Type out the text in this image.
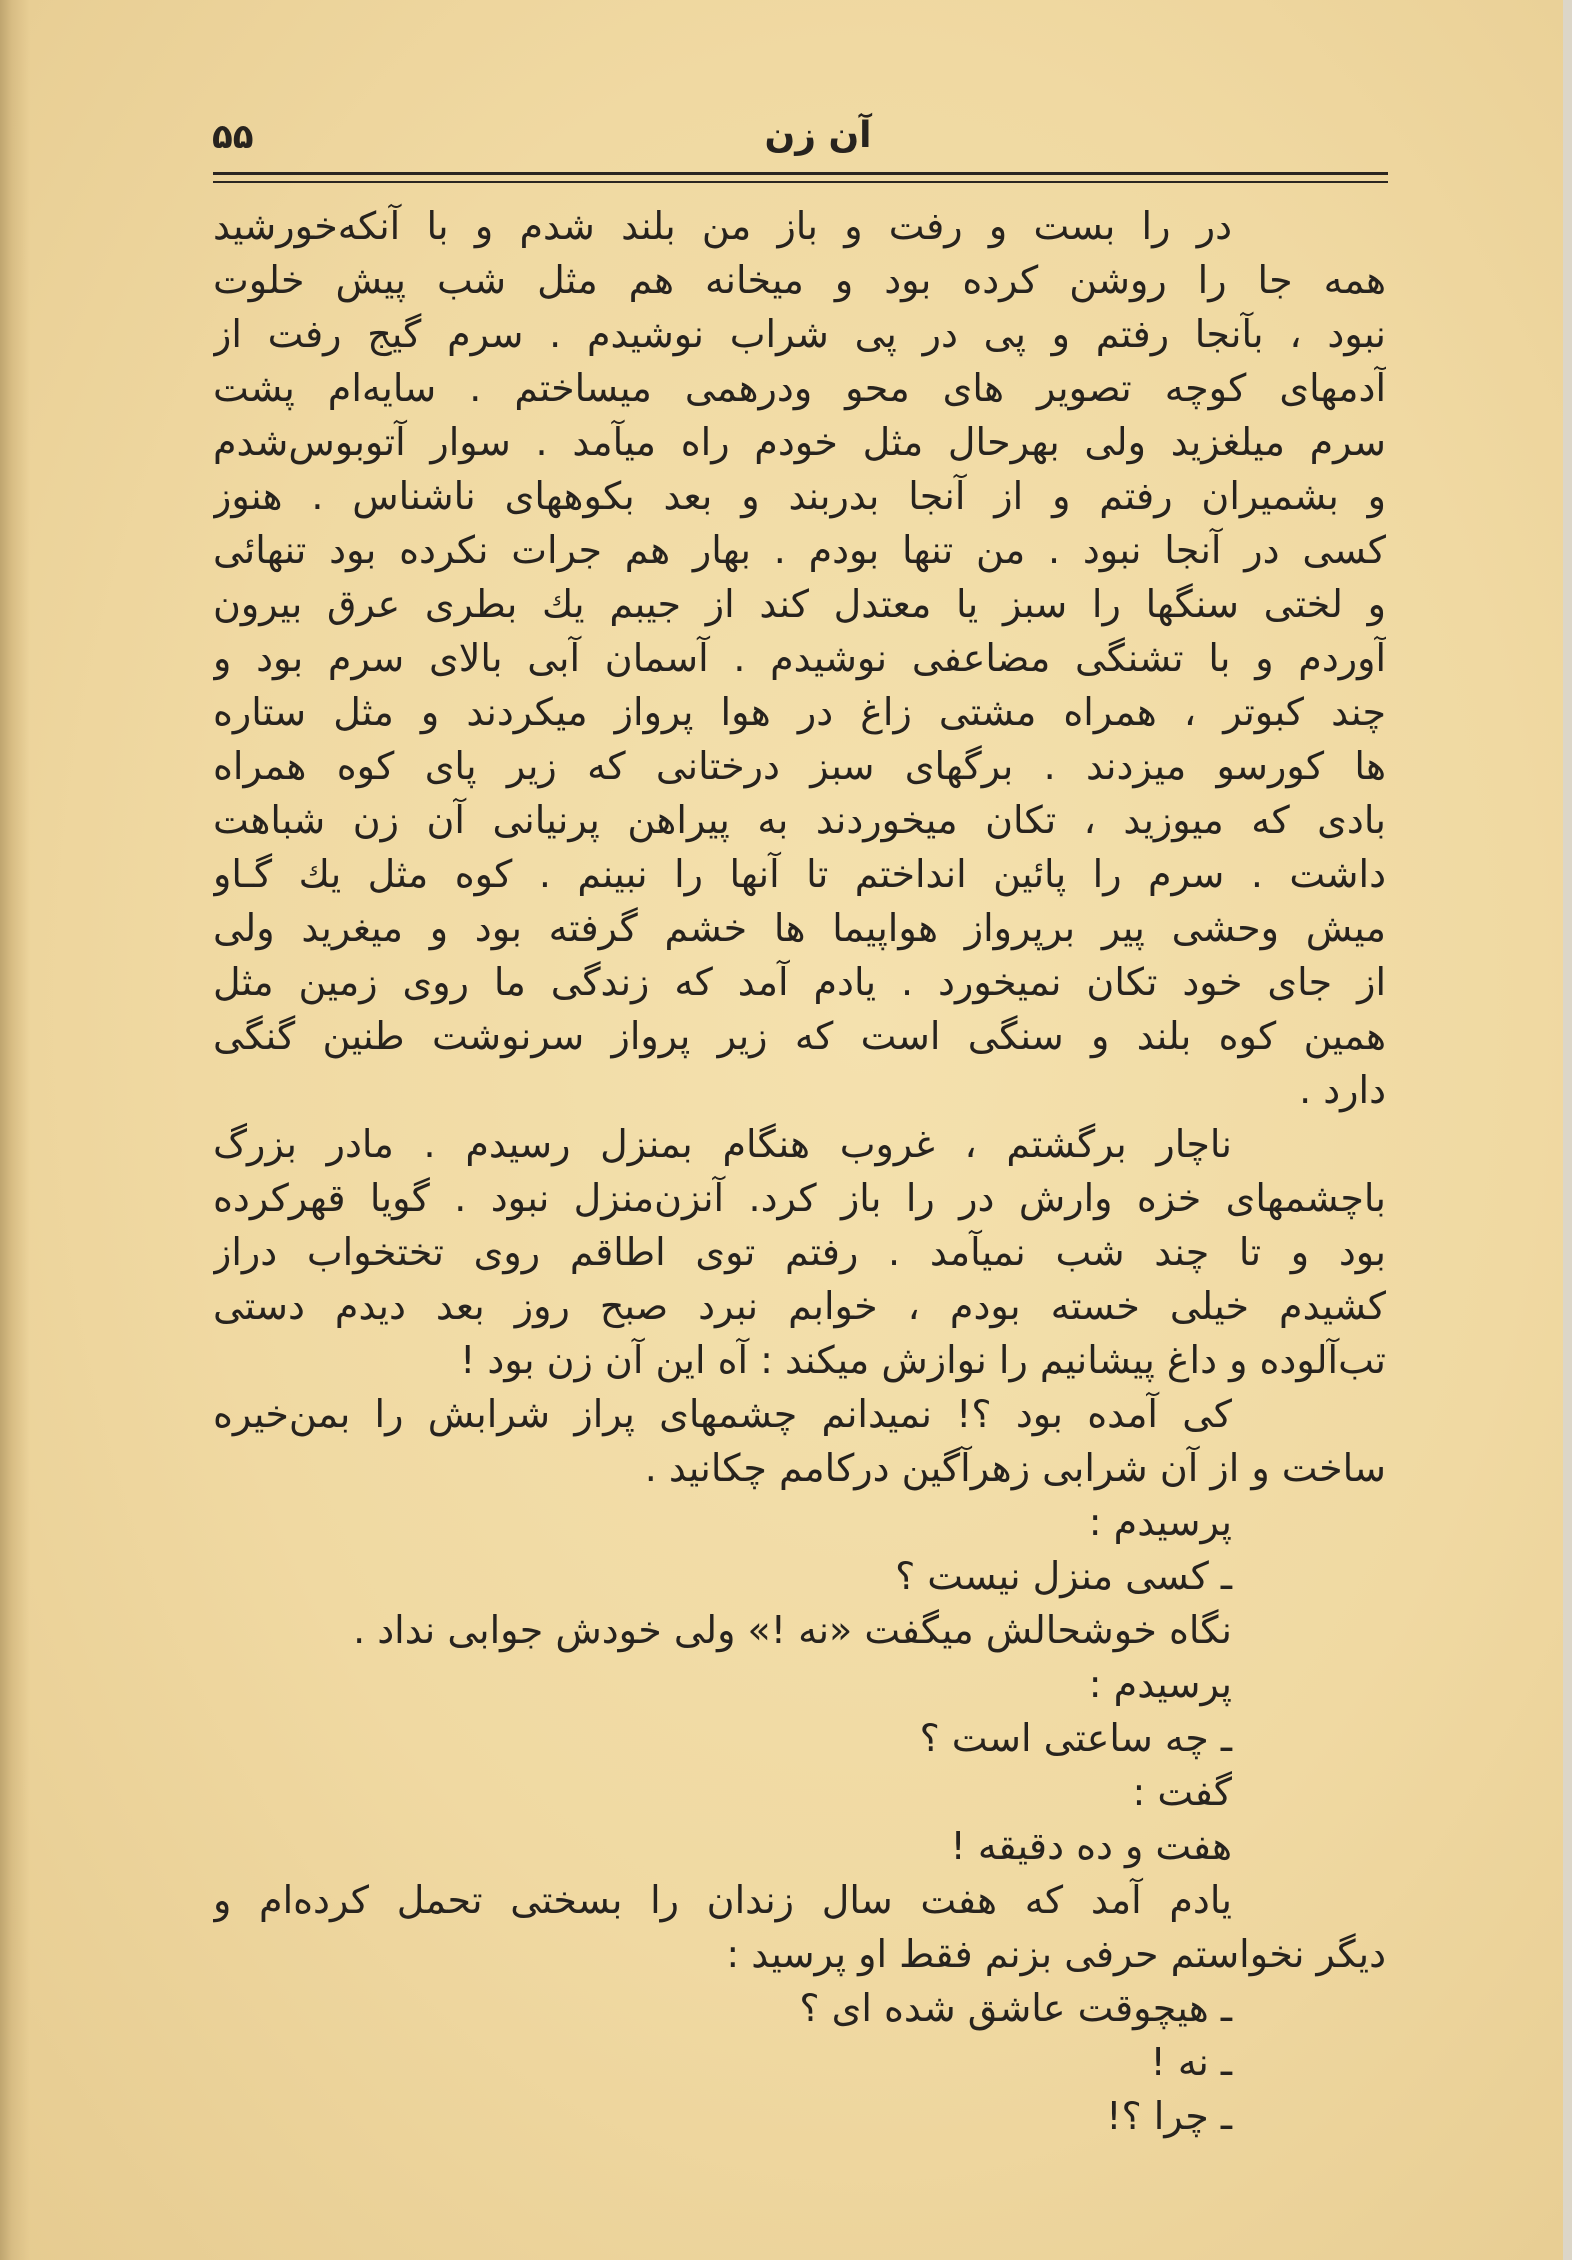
۵۵	آن زن
در را بست و رفت و باز من بلند شدم و با آنکه‌خورشید
همه جا را روشن کرده بود و میخانه هم مثل شب پیش خلوت
نبود ، بآنجا رفتم و پی در پی شراب نوشیدم . سرم گیج رفت از
آدمهای کوچه تصویر های محو ودرهمی میساختم . سایه‌ام پشت
سرم میلغزید ولی بهرحال مثل خودم راه میآمد . سوار آتوبوس‌شدم
و بشمیران رفتم و از آنجا بدربند و بعد بکوههای ناشناس . هنوز
کسی در آنجا نبود . من تنها بودم . بهار هم جرات نکرده بود تنهائی
و لختی سنگها را سبز یا معتدل کند از جیبم یك بطری عرق بیرون
آوردم و با تشنگی مضاعفی نوشیدم . آسمان آبی بالای سرم بود و
چند کبوتر ، همراه مشتی زاغ در هوا پرواز میکردند و مثل ستاره
ها کورسو میزدند . برگهای سبز درختانی که زیر پای کوه همراه
بادی که میوزید ، تکان میخوردند به پیراهن پرنیانی آن زن شباهت
داشت . سرم را پائین انداختم تا آنها را نبینم . کوه مثل یك گـاو
میش وحشی پیر برپرواز هواپیما ها خشم گرفته بود و میغرید ولی
از جای خود تکان نمیخورد . یادم آمد که زندگی ما روی زمین مثل
همین کوه بلند و سنگی است که زیر پرواز سرنوشت طنین گنگی
دارد .
ناچار برگشتم ، غروب هنگام بمنزل رسیدم . مادر بزرگ
باچشمهای خزه وارش در را باز کرد. آنزن‌منزل نبود . گویا قهرکرده
بود و تا چند شب نمیآمد . رفتم توی اطاقم روی تختخواب دراز
کشیدم خیلی خسته بودم ، خوابم نبرد صبح روز بعد دیدم دستی
تب‌آلوده و داغ پیشانیم را نوازش میکند : آه این آن زن بود !
کی آمده بود ؟! نمیدانم چشمهای پراز شرابش را بمن‌خیره
ساخت و از آن شرابی زهرآگین درکامم چکانید .
پرسیدم :
ـ کسی منزل نیست ؟
نگاه خوشحالش میگفت «نه !» ولی خودش جوابی نداد .
پرسیدم :
ـ چه ساعتی است ؟
گفت :
هفت و ده دقیقه !
یادم آمد که هفت سال زندان را بسختی تحمل کرده‌ام و
دیگر نخواستم حرفی بزنم فقط او پرسید :
ـ هیچوقت عاشق شده ای ؟
ـ نه !
ـ چرا ؟!
